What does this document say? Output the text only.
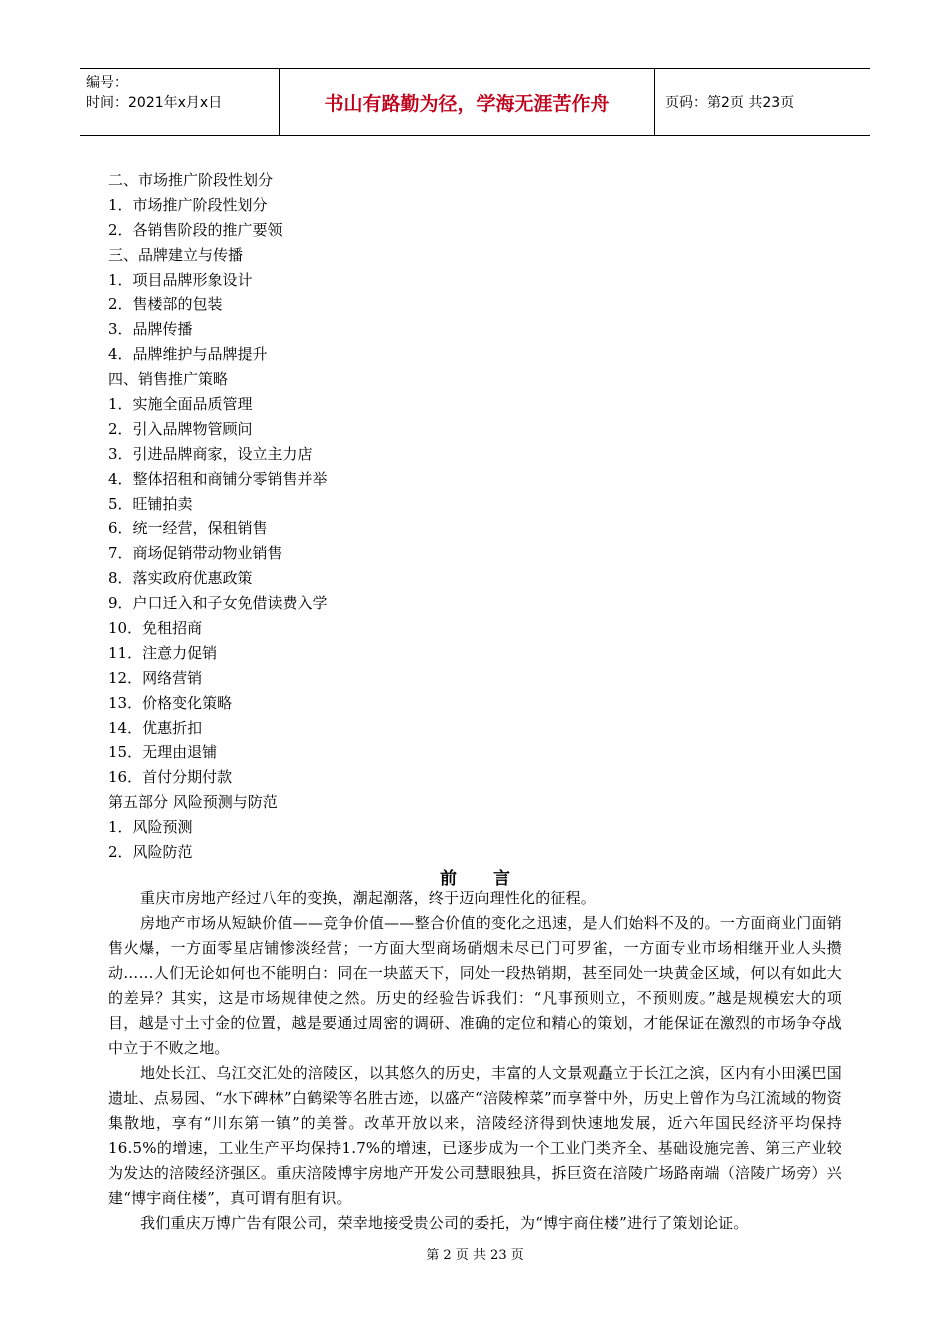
编号：
时间：2021年x月x日	书山有路勤为径，学海无涯苦作舟	页码：第2页 共23页
二、市场推广阶段性划分
1．市场推广阶段性划分
2．各销售阶段的推广要领
三、品牌建立与传播
1．项目品牌形象设计
2．售楼部的包装
3．品牌传播
4．品牌维护与品牌提升
四、销售推广策略
1．实施全面品质管理
2．引入品牌物管顾问
3．引进品牌商家，设立主力店
4．整体招租和商铺分零销售并举
5．旺铺拍卖
6．统一经营，保租销售
7．商场促销带动物业销售
8．落实政府优惠政策
9．户口迁入和子女免借读费入学
10．免租招商
11．注意力促销
12．网络营销
13．价格变化策略
14．优惠折扣
15．无理由退铺
16．首付分期付款
第五部分 风险预测与防范
1．风险预测
2．风险防范
前言

重庆市房地产经过八年的变换，潮起潮落，终于迈向理性化的征程。

房地产市场从短缺价值——竞争价值——整合价值的变化之迅速，是人们始料不及的。一方面商业门面销售火爆，一方面零星店铺惨淡经营；一方面大型商场硝烟未尽已门可罗雀，一方面专业市场相继开业人头攒动……人们无论如何也不能明白：同在一块蓝天下，同处一段热销期，甚至同处一块黄金区域，何以有如此大的差异？其实，这是市场规律使之然。历史的经验告诉我们：“凡事预则立，不预则废。”越是规模宏大的项目，越是寸土寸金的位置，越是要通过周密的调研、准确的定位和精心的策划，才能保证在激烈的市场争夺战中立于不败之地。

地处长江、乌江交汇处的涪陵区，以其悠久的历史，丰富的人文景观矗立于长江之滨，区内有小田溪巴国遗址、点易园、“水下碑林”白鹤梁等名胜古迹，以盛产“涪陵榨菜”而享誉中外，历史上曾作为乌江流域的物资集散地，享有“川东第一镇”的美誉。改革开放以来，涪陵经济得到快速地发展，近六年国民经济平均保持16.5%的增速，工业生产平均保持1.7%的增速，已逐步成为一个工业门类齐全、基础设施完善、第三产业较为发达的涪陵经济强区。重庆涪陵博宇房地产开发公司慧眼独具，拆巨资在涪陵广场路南端（涪陵广场旁）兴建“博宇商住楼”，真可谓有胆有识。

我们重庆万博广告有限公司，荣幸地接受贵公司的委托，为“博宇商住楼”进行了策划论证。

第 2 页 共 23 页
